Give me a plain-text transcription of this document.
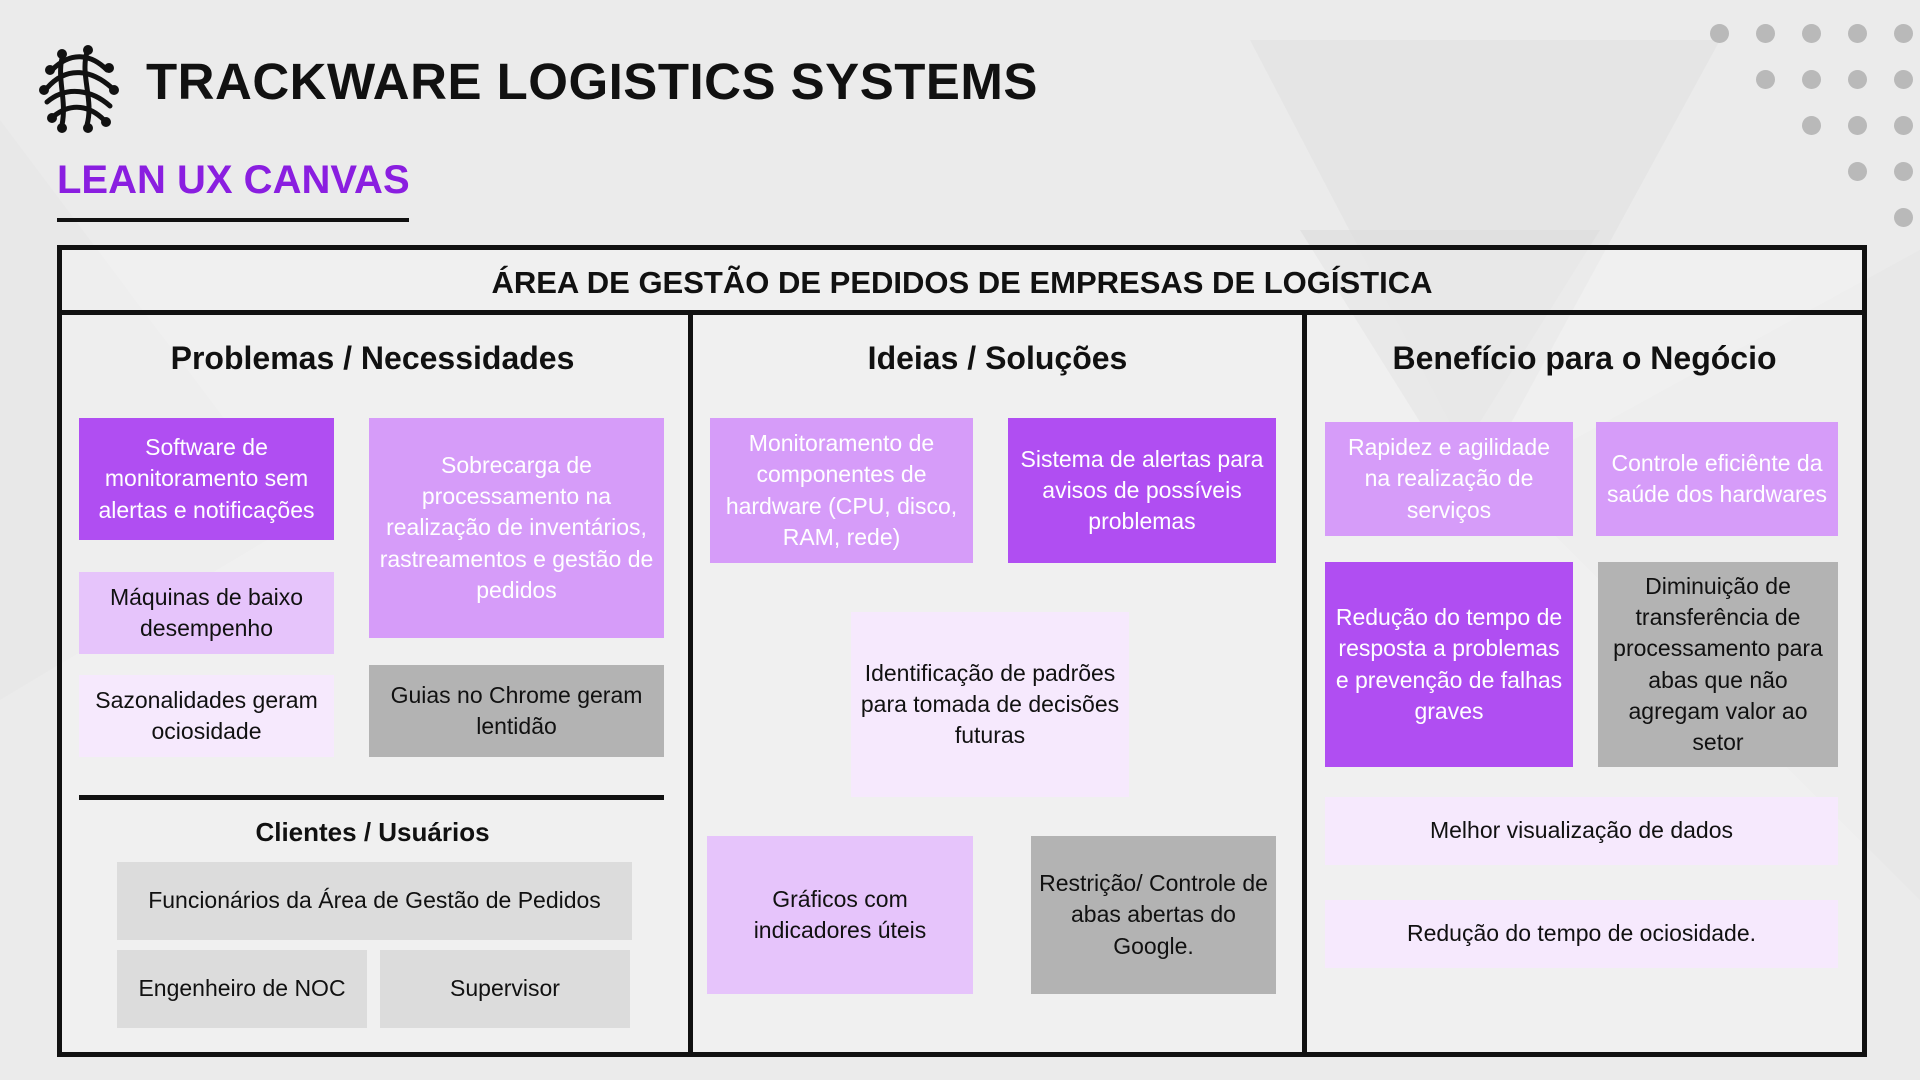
TRACKWARE LOGISTICS SYSTEMS
LEAN UX CANVAS
ÁREA DE GESTÃO DE PEDIDOS DE EMPRESAS DE LOGÍSTICA
Problemas / Necessidades
Software de monitoramento sem alertas e notificações
Sobrecarga de processamento na realização de inventários, rastreamentos e gestão de pedidos
Máquinas de baixo desempenho
Sazonalidades geram ociosidade
Guias no Chrome geram lentidão
Clientes / Usuários
Funcionários da Área de Gestão de Pedidos
Engenheiro de NOC	Supervisor
Ideias / Soluções
Monitoramento de componentes de hardware (CPU, disco, RAM, rede)
Sistema de alertas para avisos de possíveis problemas
Identificação de padrões para tomada de decisões futuras
Gráficos com indicadores úteis
Restrição/ Controle de abas abertas do Google.
Benefício para o Negócio
Rapidez e agilidade na realização de serviços
Controle eficiênte da saúde dos hardwares
Redução do tempo de resposta a problemas e prevenção de falhas graves
Diminuição de transferência de processamento para abas que não agregam valor ao setor
Melhor visualização de dados
Redução do tempo de ociosidade.
